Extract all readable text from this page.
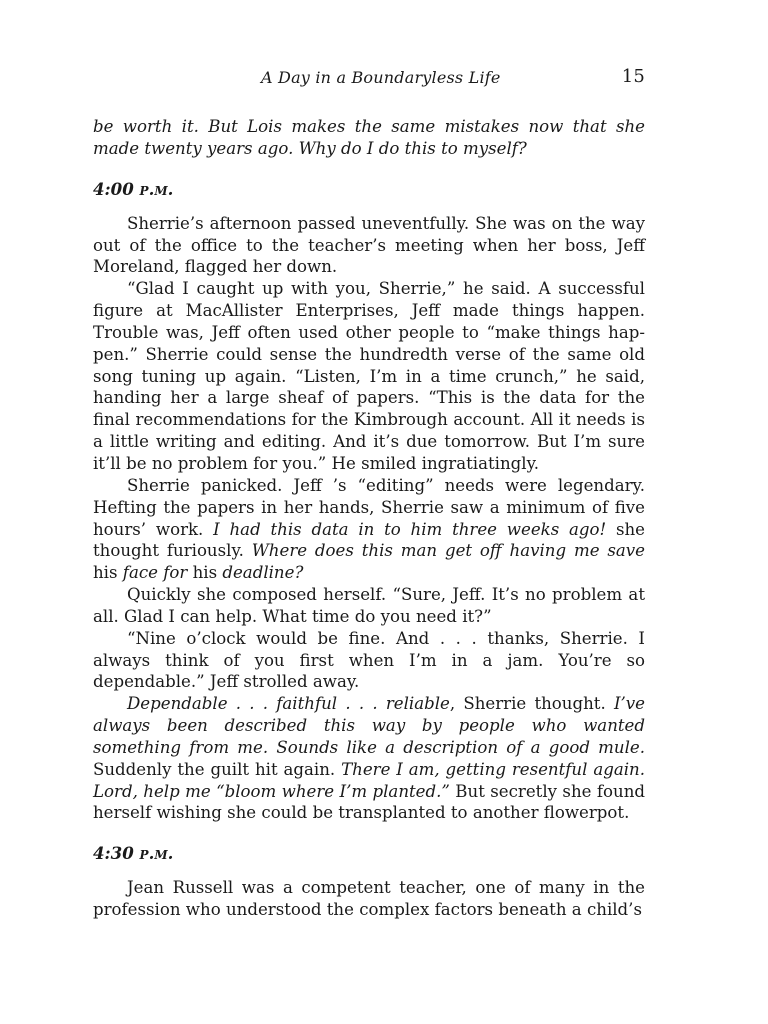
A Day in a Boundaryless Life	15

be worth it. But Lois makes the same mistakes now that she made twenty years ago. Why do I do this to myself?

4:00 p.m.

Sherrie’s afternoon passed uneventfully. She was on the way out of the office to the teacher’s meeting when her boss, Jeff Moreland, flagged her down.

“Glad I caught up with you, Sherrie,” he said. A successful figure at MacAllister Enterprises, Jeff made things happen. Trouble was, Jeff often used other people to “make things happen.” Sherrie could sense the hundredth verse of the same old song tuning up again. “Listen, I’m in a time crunch,” he said, handing her a large sheaf of papers. “This is the data for the final recommendations for the Kimbrough account. All it needs is a little writing and editing. And it’s due tomorrow. But I’m sure it’ll be no problem for you.” He smiled ingratiatingly.

Sherrie panicked. Jeff ’s “editing” needs were legendary. Hefting the papers in her hands, Sherrie saw a minimum of five hours’ work. I had this data in to him three weeks ago! she thought furiously. Where does this man get off having me save his face for his deadline?

Quickly she composed herself. “Sure, Jeff. It’s no problem at all. Glad I can help. What time do you need it?”

“Nine o’clock would be fine. And . . . thanks, Sherrie. I always think of you first when I’m in a jam. You’re so dependable.” Jeff strolled away.

Dependable . . . faithful . . . reliable, Sherrie thought. I’ve always been described this way by people who wanted something from me. Sounds like a description of a good mule. Suddenly the guilt hit again. There I am, getting resentful again. Lord, help me “bloom where I’m planted.” But secretly she found herself wishing she could be transplanted to another flowerpot.

4:30 p.m.

Jean Russell was a competent teacher, one of many in the profession who understood the complex factors beneath a child’s
